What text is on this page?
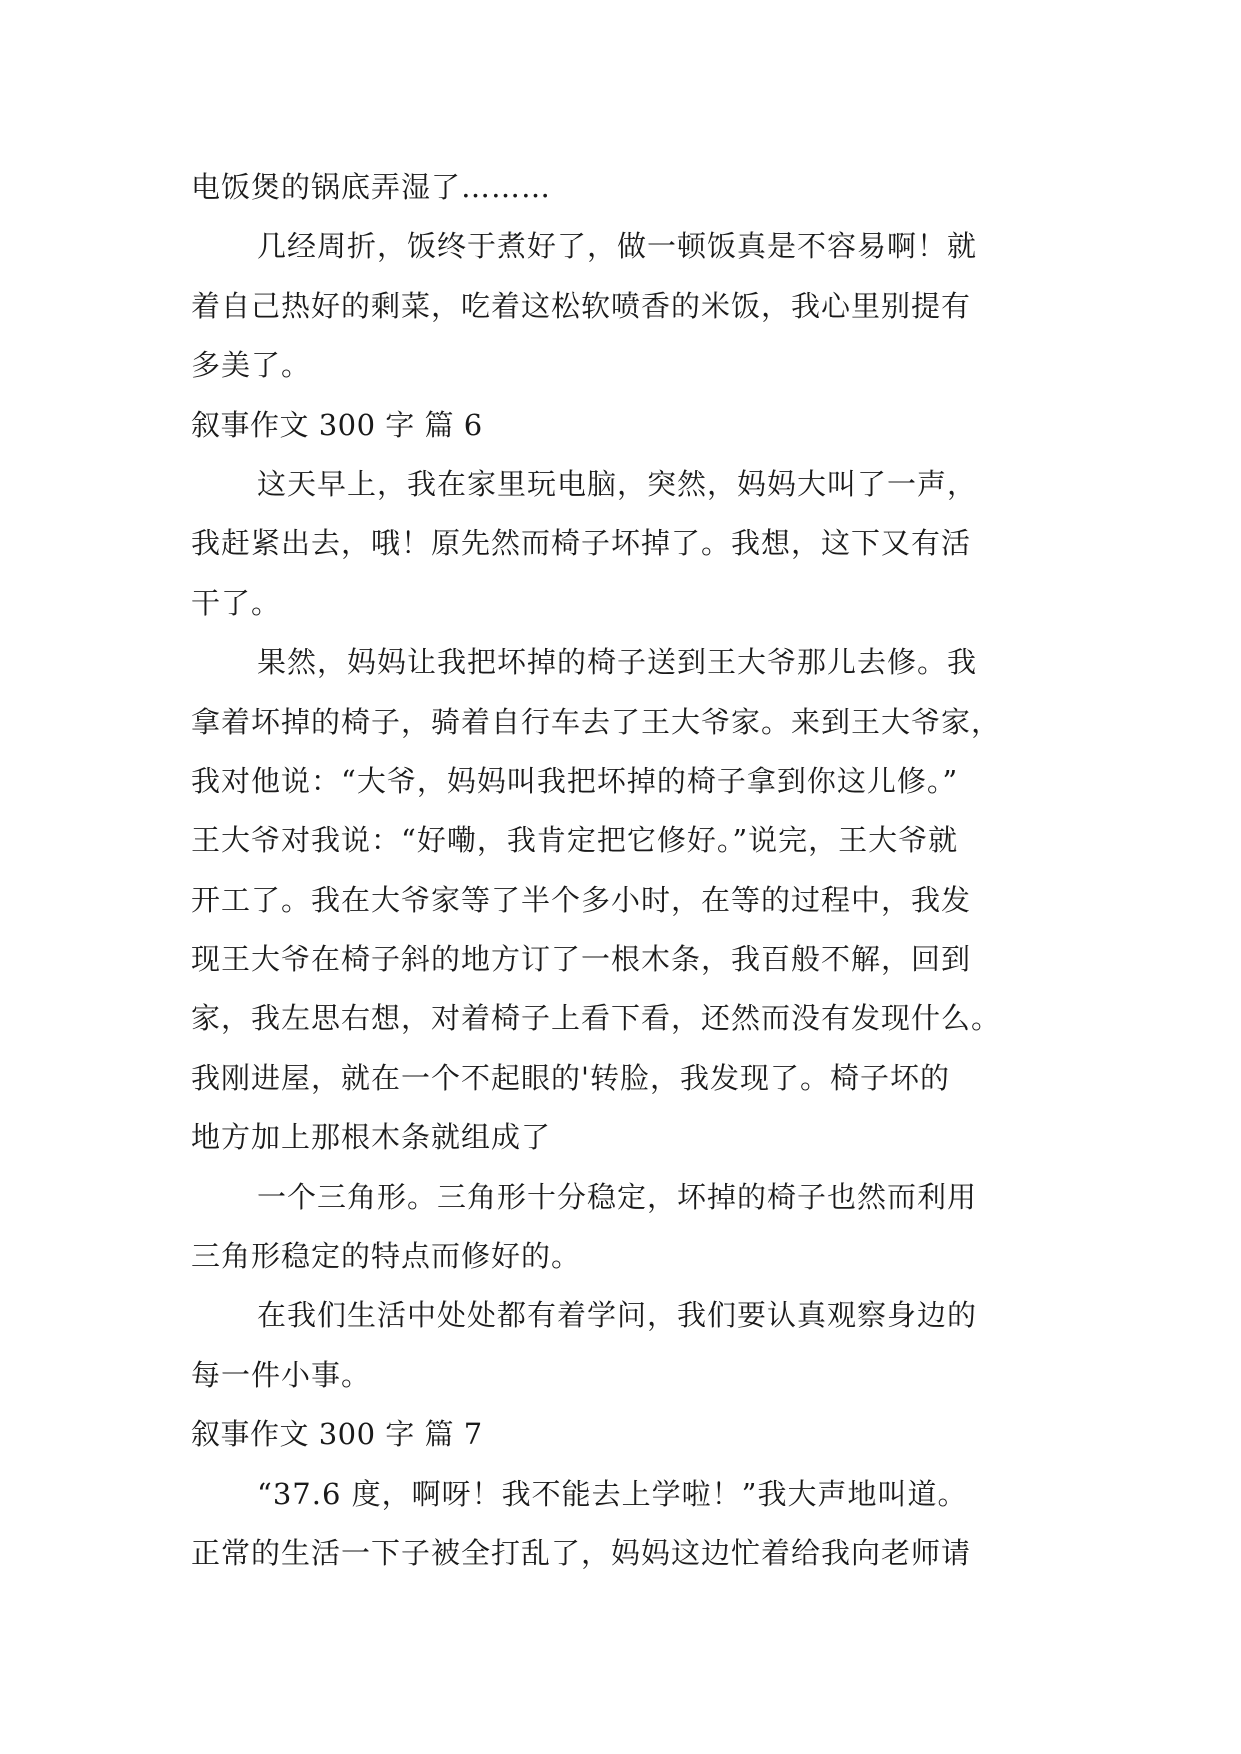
电饭煲的锅底弄湿了………
几经周折，饭终于煮好了，做一顿饭真是不容易啊！就
着自己热好的剩菜，吃着这松软喷香的米饭，我心里别提有
多美了。
叙事作文 300 字 篇 6
这天早上，我在家里玩电脑，突然，妈妈大叫了一声，
我赶紧出去，哦！原先然而椅子坏掉了。我想，这下又有活
干了。
果然，妈妈让我把坏掉的椅子送到王大爷那儿去修。我
拿着坏掉的椅子，骑着自行车去了王大爷家。来到王大爷家，
我对他说：“大爷，妈妈叫我把坏掉的椅子拿到你这儿修。”
王大爷对我说：“好嘞，我肯定把它修好。”说完，王大爷就
开工了。我在大爷家等了半个多小时，在等的过程中，我发
现王大爷在椅子斜的地方订了一根木条，我百般不解，回到
家，我左思右想，对着椅子上看下看，还然而没有发现什么。
我刚进屋，就在一个不起眼的'转脸，我发现了。椅子坏的
地方加上那根木条就组成了
一个三角形。三角形十分稳定，坏掉的椅子也然而利用
三角形稳定的特点而修好的。
在我们生活中处处都有着学问，我们要认真观察身边的
每一件小事。
叙事作文 300 字 篇 7
“37.6 度，啊呀！我不能去上学啦！”我大声地叫道。
正常的生活一下子被全打乱了，妈妈这边忙着给我向老师请
